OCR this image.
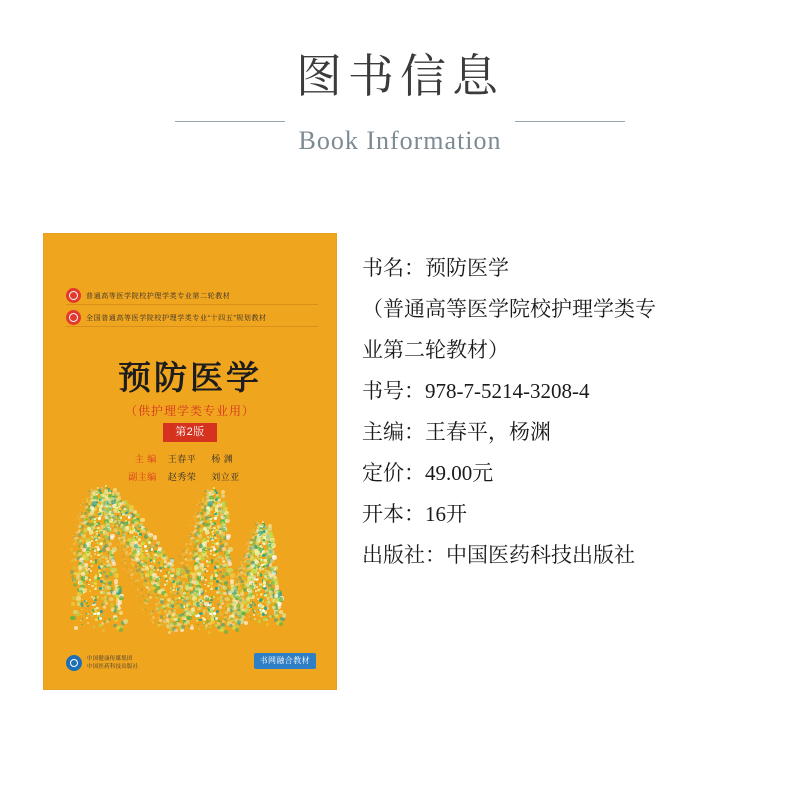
图书信息
Book Information
普通高等医学院校护理学类专业第二轮教材
全国普通高等医学院校护理学类专业“十四五”规划教材
预防医学
（供护理学类专业用）
第2版
主 编 王春平 杨 渊
副主编 赵秀荣 刘立亚
中国健康传媒集团
中国医药科技出版社
书网融合教材
书名：预防医学
（普通高等医学院校护理学类专
业第二轮教材）
书号：978-7-5214-3208-4
主编：王春平，杨渊
定价：49.00元
开本：16开
出版社：中国医药科技出版社
